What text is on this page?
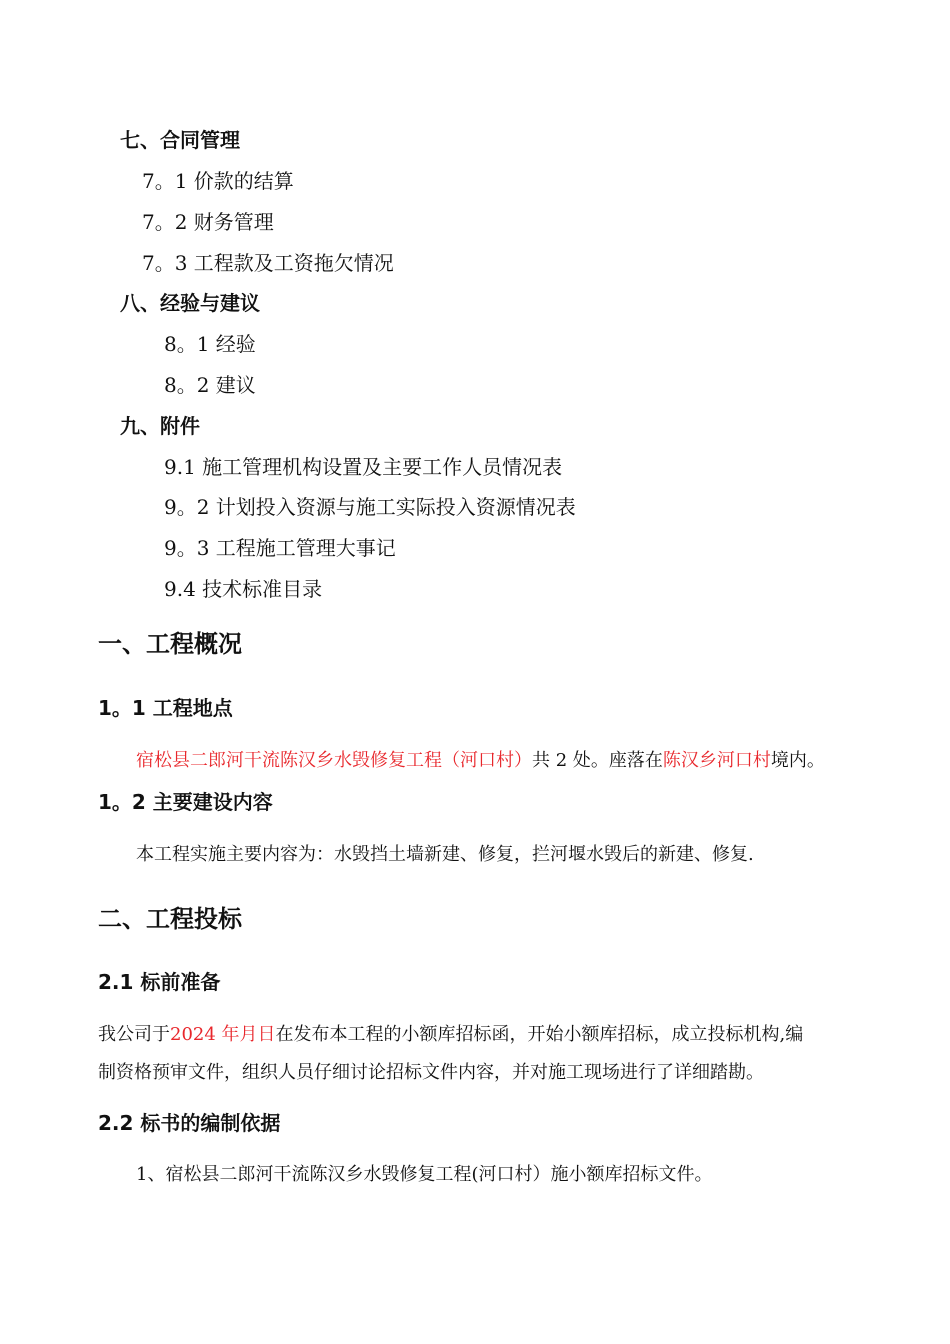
七、合同管理
7。1 价款的结算
7。2 财务管理
7。3 工程款及工资拖欠情况
八、经验与建议
8。1 经验
8。2 建议
九、附件
9.1 施工管理机构设置及主要工作人员情况表
9。2 计划投入资源与施工实际投入资源情况表
9。3 工程施工管理大事记
9.4 技术标准目录
一、工程概况
1。1 工程地点
宿松县二郎河干流陈汉乡水毁修复工程（河口村）共 2 处。座落在陈汉乡河口村境内。
1。2 主要建设内容
本工程实施主要内容为：水毁挡土墙新建、修复，拦河堰水毁后的新建、修复.
二、工程投标
2.1 标前准备
我公司于2024 年月日在发布本工程的小额库招标函，开始小额库招标，成立投标机构,编
制资格预审文件，组织人员仔细讨论招标文件内容，并对施工现场进行了详细踏勘。
2.2 标书的编制依据
1、宿松县二郎河干流陈汉乡水毁修复工程(河口村）施小额库招标文件。
